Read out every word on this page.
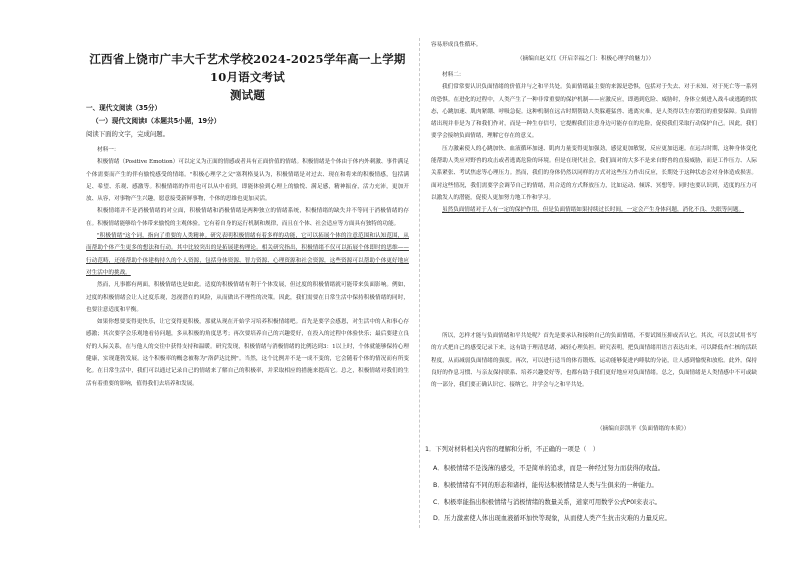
江西省上饶市广丰大千艺术学校2024-2025学年高一上学期10月语文考试
测试题
一、现代文阅读（35分）
（一）现代文阅读Ⅰ（本题共5小题，19分）
阅读下面的文字，完成问题。

材料一：

积极情绪（Positive Emotion）可以定义为正面的情感或者具有正面价值的情绪。积极情绪是个体由于体内外刺激、事件满足个体需要而产生的伴有愉悦感受的情绪。"积极心理学之父"塞利格曼认为，积极情绪是对过去、现在和将来的积极情感，包括满足、希望、乐观、感激等。积极情绪的作用也可以从中看到，即能体验到心理上的愉悦、满足感，精神振奋，活力充沛，更加开放、从容，对事物产生兴趣，愿意接受新鲜事物，个体的思维也更加灵活。

积极情绪并不是消极情绪的对立面，积极情绪和消极情绪是两种独立的情绪系统，积极情绪的缺失并不等同于消极情绪的存在。积极情绪能够给个体带来愉悦的主观体验。它有着自身的运行机制和规律，而且在个体、社会适应等方面具有独特的功能。

"积极情绪"这个词，指向了重要的人类精神。研究表明积极情绪有着多样的功能，它可以拓展个体的注意范围和认知范围，从而帮助个体产生更多的想法和行动。其中比较突出的是拓展建构理论。相关研究指出，积极情绪不仅可以拓展个体即时的思维——行动范畴，还能帮助个体建构持久的个人资源，包括身体资源、智力资源、心理资源和社会资源，这些资源可以帮助个体更好地应对生活中的挑战。

然而，凡事都有两面，积极情绪也是如此。适度的积极情绪有利于个体发展，但过度的积极情绪就可能带来负面影响。例如，过度的积极情绪会让人过度乐观，忽视潜在的风险，从而做出不理性的决策。因此，我们需要在日常生活中保持积极情绪的同时，也要注意适度和平衡。

如果你想要变得更快乐，让它变得更积极，那就从现在开始学习培养积极情绪吧。首先是要学会感恩，对生活中的人和事心存感激；其次要学会乐观地看待问题，多从积极的角度思考；再次要培养自己的兴趣爱好，在投入的过程中体验快乐；最后要建立良好的人际关系，在与他人的交往中获得支持和温暖。研究发现，积极情绪与消极情绪的比例达到3：1以上时，个体就能够保持心理健康，实现蓬勃发展。这个积极率的概念被称为"洛萨达比例"。当然，这个比例并不是一成不变的，它会随着个体的情况而有所变化。在日常生活中，我们可以通过记录自己的情绪来了解自己的积极率，并采取相应的措施来提高它。总之，积极情绪对我们的生活有着重要的影响，值得我们去培养和发展。

容易形成良性循环。
（摘编自赵义红《开启幸福之门：积极心理学的魅力》）

材料二：

我们常常要认识负面情绪的价值并与之和平共处。负面情绪最主要的来源是恐惧，包括对于失去、对于未知、对于死亡等一系列的恐惧。在进化的过程中，人类产生了一种非常重要的保护机制——应激反应，即遇到危险、威胁时，身体立刻进入战斗或逃跑的状态，心跳加速、肌肉紧绷、呼吸急促。这种机制在远古时期帮助人类躲避猛兽、逃离灾难，是人类得以生存繁衍的重要保障。负面情绪出现并非是为了和我们作对，而是一种生存信号，它提醒我们注意身边可能存在的危险，促使我们采取行动保护自己。因此，我们要学会接纳负面情绪，理解它存在的意义。

压力激素使人的心跳加快、血液循环加速、肌肉力量变得更加强劲，感觉更加敏锐，反应更加迅速。在远古时期，这种身体变化能帮助人类应对野兽的攻击或者逃离危险的环境。但是在现代社会，我们面对的大多不是来自野兽的直接威胁，而是工作压力、人际关系紧张、考试焦虑等心理压力。然而，我们的身体仍然以同样的方式对这些压力作出反应，长期处于这种状态会对身体造成损害。面对这些情况，我们需要学会调节自己的情绪，用合适的方式释放压力，比如运动、倾诉、冥想等。同时也要认识到，适度的压力可以激发人的潜能，促使人更加努力地工作和学习。

虽然负面情绪对于人有一定的保护作用，但是负面情绪如果持续过长时间，一定会产生身体问题，消化不良、失眠等问题。

所以，怎样才能与负面情绪和平共处呢？首先是要承认和接纳自己的负面情绪，不要试图压抑或否认它。其次，可以尝试用书写的方式把自己的感受记录下来，这有助于理清思绪，减轻心理负担。研究表明，把负面情绪用语言表达出来，可以降低杏仁核的活跃程度，从而减弱负面情绪的强度。再次，可以进行适当的体育锻炼，运动能够促进内啡肽的分泌，让人感到愉悦和放松。此外，保持良好的作息习惯、与亲友保持联系、培养兴趣爱好等，也都有助于我们更好地应对负面情绪。总之，负面情绪是人类情感中不可或缺的一部分，我们要正确认识它、接纳它，并学会与之和平共处。

（摘编自彭凯平《负面情绪的本质》）
1．下列对材料相关内容的理解和分析，不正确的一项是（　）
A．积极情绪不是浅薄的感受，不是简单的追求，而是一种经过努力而获得的收益。
B．积极情绪有不同的形态和诸样，能传达积极情绪是人类与生俱来的一种能力。
C．积极率能指出积极情绪与消极情绪的数量关系，道家可用数学公式P0l来表示。
D．压力激素使人体出现血液循环加快等现象，从而使人类产生抗击灾难的力量反应。
